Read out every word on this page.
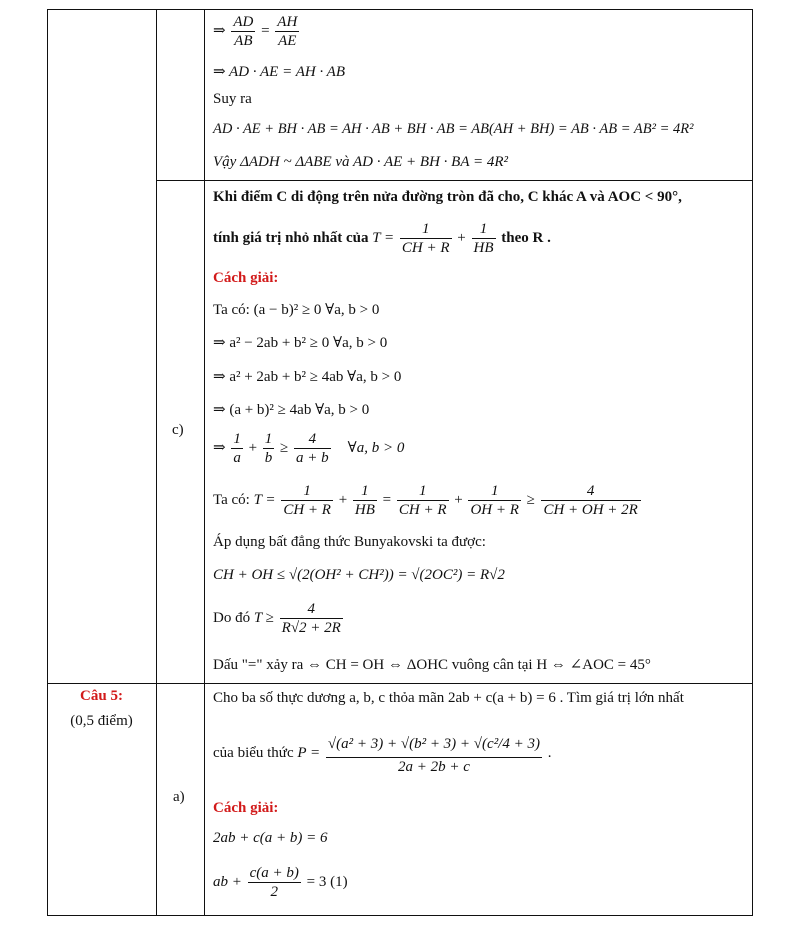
⇒ $\frac{AD}{AB} = \frac{AH}{AE}$
⇒ AD · AE = AH · AB
Suy ra
AD · AE + BH · AB = AH · AB + BH · AB = AB(AH + BH) = AB · AB = AB² = 4R²
Vậy ΔADH ~ ΔABE và AD · AE + BH · BA = 4R²
c)
Khi điểm C di động trên nửa đường tròn đã cho, C khác A và AOC < 90°,
tính giá trị nhỏ nhất của $T = \frac{1}{CH + R} + \frac{1}{HB}$ theo R .
Cách giải:
Ta có: (a − b)² ≥ 0 ∀a, b > 0
⇒ a² − 2ab + b² ≥ 0 ∀a, b > 0
⇒ a² + 2ab + b² ≥ 4ab ∀a, b > 0
⇒ (a + b)² ≥ 4ab ∀a, b > 0
⇒ $\frac{1}{a} + \frac{1}{b} \ge \frac{4}{a + b}$ ∀a, b > 0
Ta có: $T = \frac{1}{CH + R} + \frac{1}{HB} = \frac{1}{CH + R} + \frac{1}{OH + R} \ge \frac{4}{CH + OH + 2R}$
Áp dụng bất đẳng thức Bunyakovski ta được:
CH + OH ≤ √(2(OH² + CH²)) = √(2OC²) = R√2
Do đó $T \ge \frac{4}{R√2 + 2R}$
Dấu "=" xảy ra ⇔ CH = OH ⇔ ΔOHC vuông cân tại H ⇔ ∠AOC = 45°
Câu 5:
(0,5 điểm)
a)
Cho ba số thực dương a, b, c thỏa mãn 2ab + c(a + b) = 6 . Tìm giá trị lớn nhất
của biểu thức $P = \frac{\text{√(a² + 3) + √(b² + 3) + √(c²/4 + 3)}}{2a + 2b + c}$ .
Cách giải:
2ab + c(a + b) = 6
ab + $\frac{c(a + b)}{2} = 3$ (1)
